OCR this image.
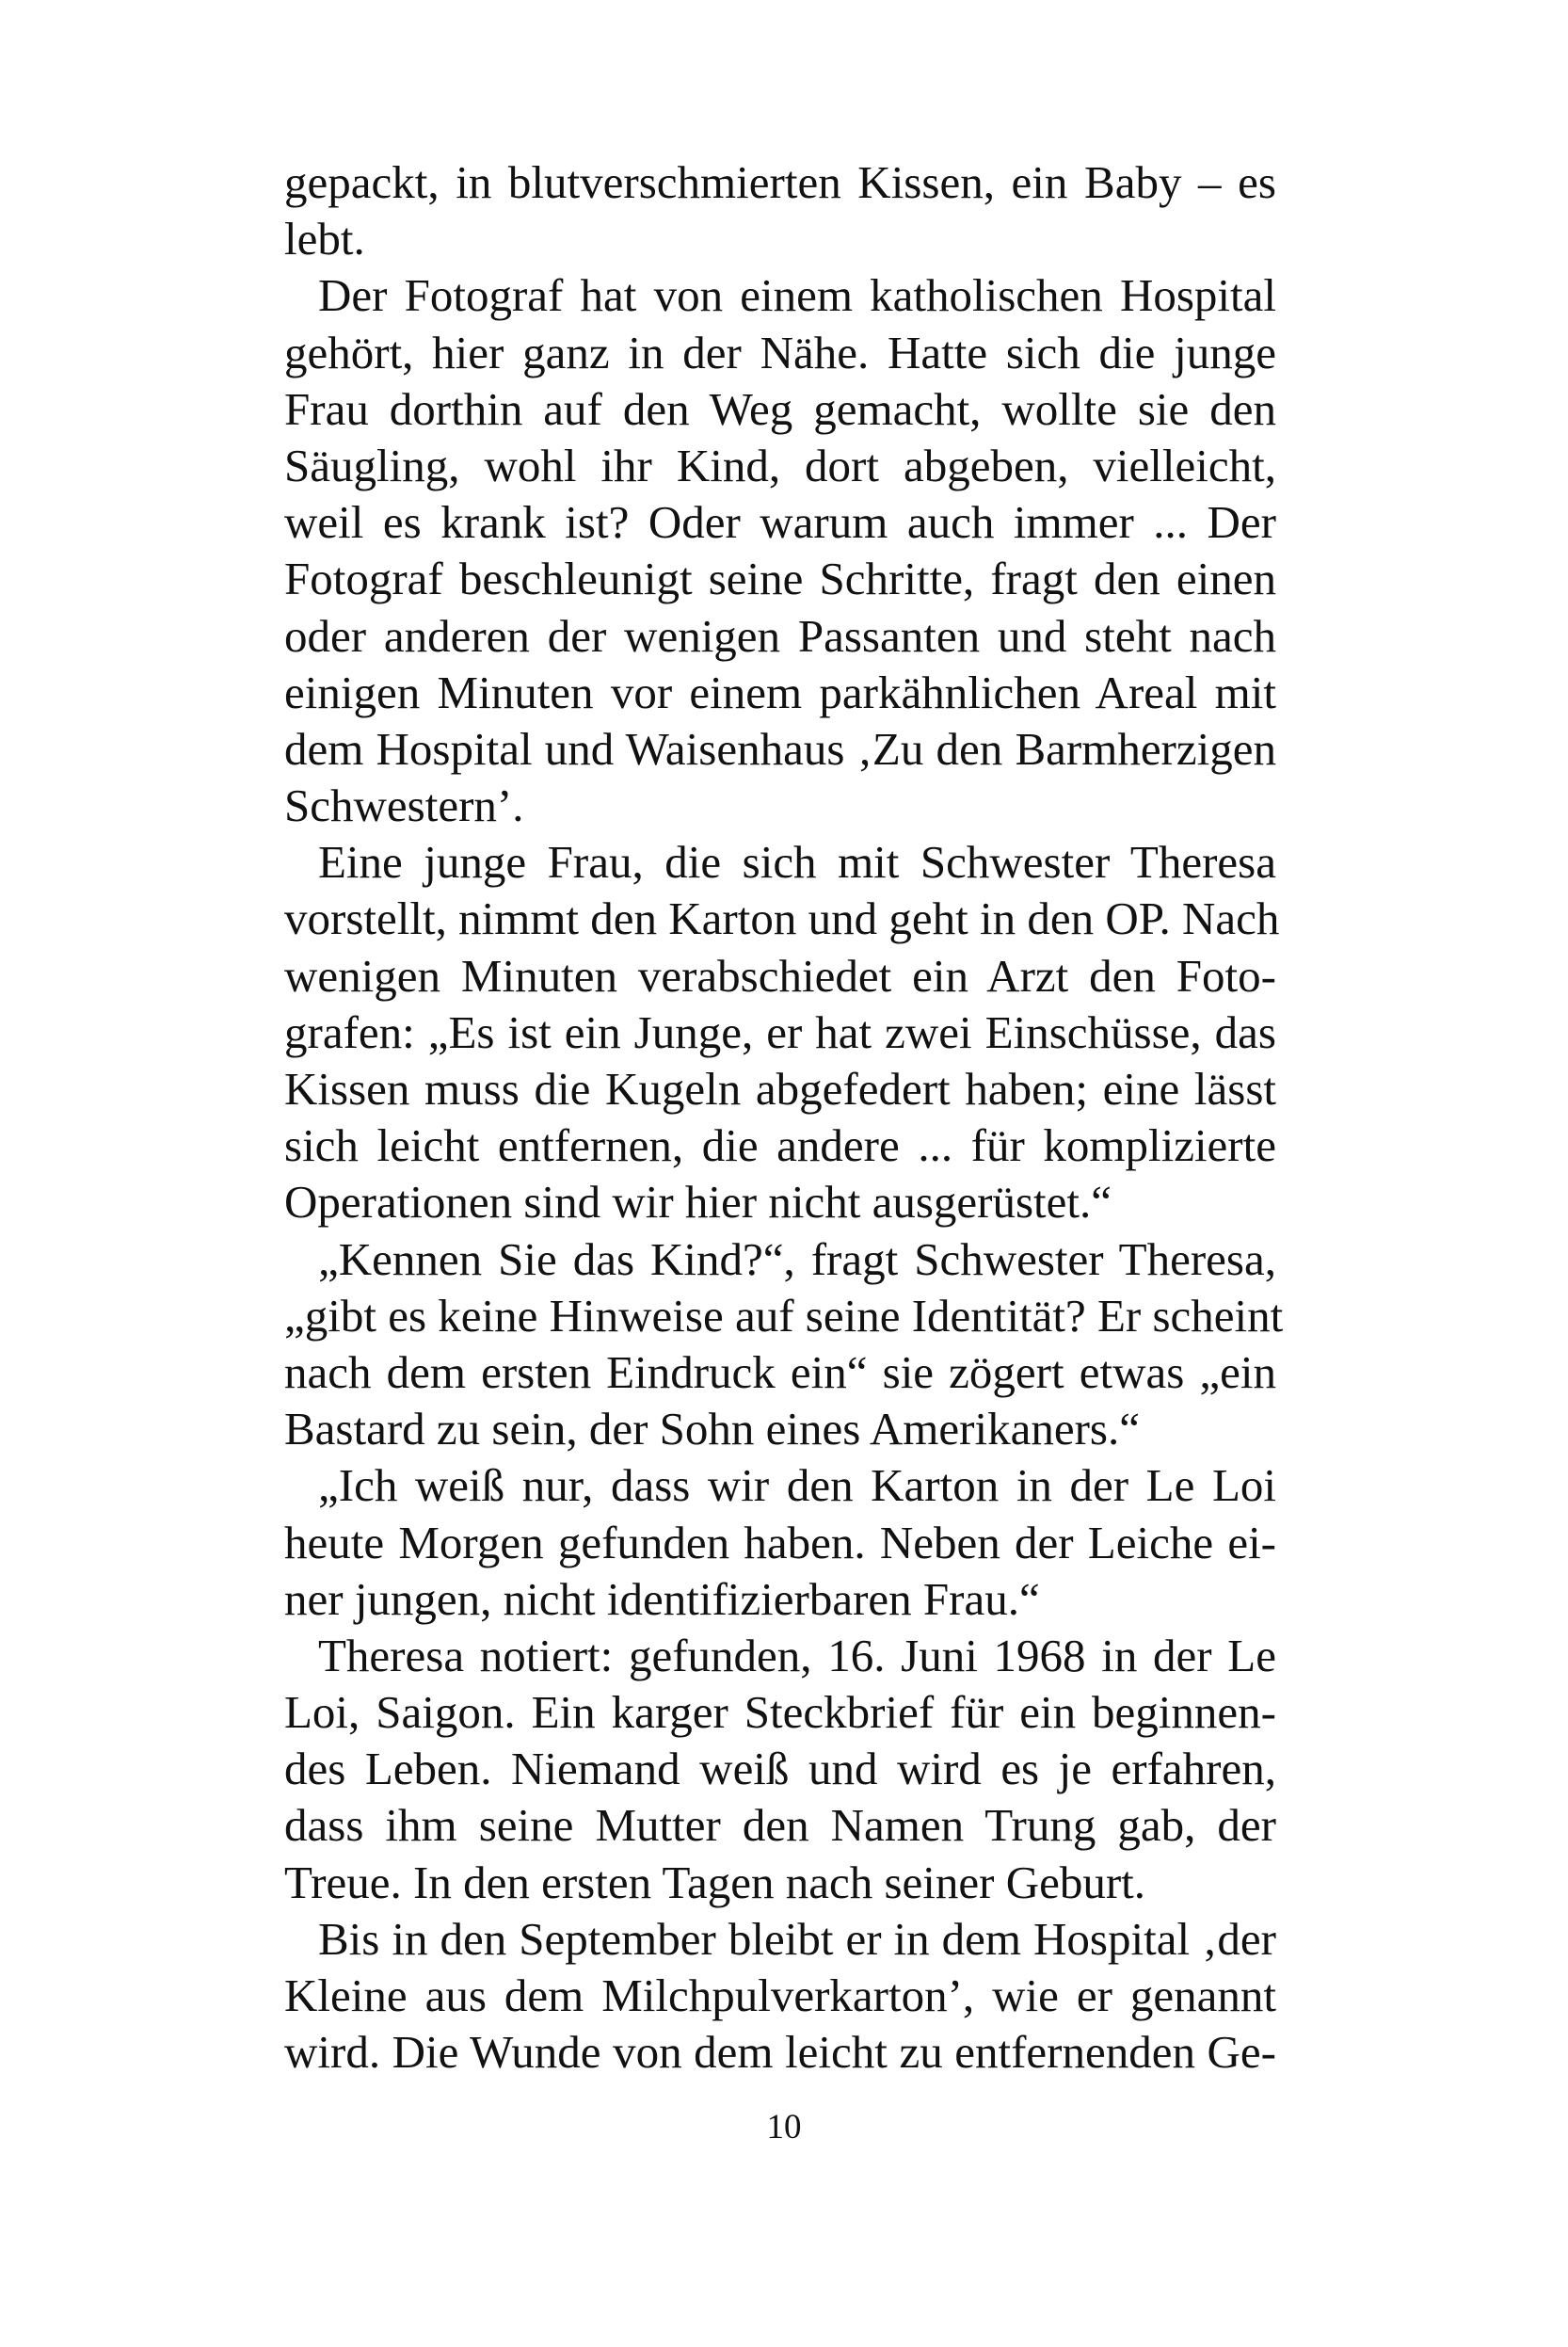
gepackt, in blutverschmierten Kissen, ein Baby – es
lebt.
Der Fotograf hat von einem katholischen Hospital
gehört, hier ganz in der Nähe. Hatte sich die junge
Frau dorthin auf den Weg gemacht, wollte sie den
Säugling, wohl ihr Kind, dort abgeben, vielleicht,
weil es krank ist? Oder warum auch immer ... Der
Fotograf beschleunigt seine Schritte, fragt den einen
oder anderen der wenigen Passanten und steht nach
einigen Minuten vor einem parkähnlichen Areal mit
dem Hospital und Waisenhaus ‚Zu den Barmherzigen
Schwestern’.
Eine junge Frau, die sich mit Schwester Theresa
vorstellt, nimmt den Karton und geht in den OP. Nach
wenigen Minuten verabschiedet ein Arzt den Foto-
grafen: „Es ist ein Junge, er hat zwei Einschüsse, das
Kissen muss die Kugeln abgefedert haben; eine lässt
sich leicht entfernen, die andere ... für komplizierte
Operationen sind wir hier nicht ausgerüstet.“
„Kennen Sie das Kind?“, fragt Schwester Theresa,
„gibt es keine Hinweise auf seine Identität? Er scheint
nach dem ersten Eindruck ein“ sie zögert etwas „ein
Bastard zu sein, der Sohn eines Amerikaners.“
„Ich weiß nur, dass wir den Karton in der Le Loi
heute Morgen gefunden haben. Neben der Leiche ei-
ner jungen, nicht identifizierbaren Frau.“
Theresa notiert: gefunden, 16. Juni 1968 in der Le
Loi, Saigon. Ein karger Steckbrief für ein beginnen-
des Leben. Niemand weiß und wird es je erfahren,
dass ihm seine Mutter den Namen Trung gab, der
Treue. In den ersten Tagen nach seiner Geburt.
Bis in den September bleibt er in dem Hospital ‚der
Kleine aus dem Milchpulverkarton’, wie er genannt
wird. Die Wunde von dem leicht zu entfernenden Ge-
10
